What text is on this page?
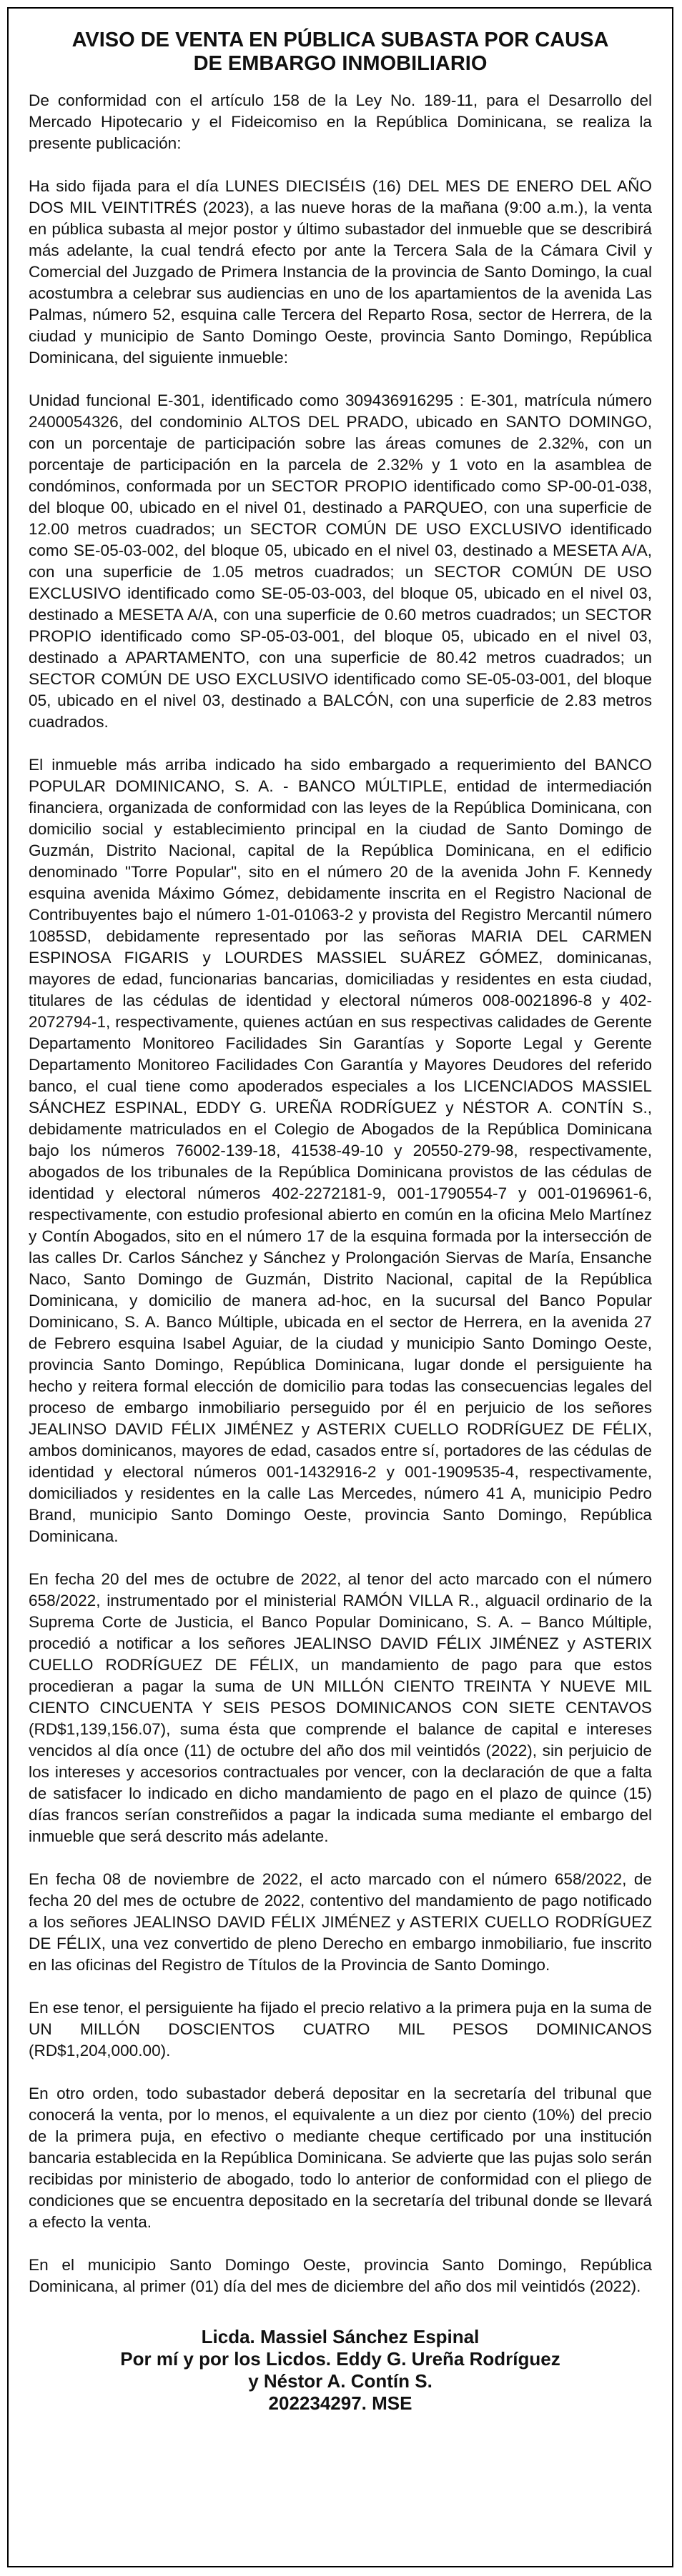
AVISO DE VENTA EN PÚBLICA SUBASTA POR CAUSA
DE EMBARGO INMOBILIARIO

De conformidad con el artículo 158 de la Ley No. 189-11, para el Desarrollo del Mercado Hipotecario y el Fideicomiso en la República Dominicana, se realiza la presente publicación:

Ha sido fijada para el día LUNES DIECISÉIS (16) DEL MES DE ENERO DEL AÑO DOS MIL VEINTITRÉS (2023), a las nueve horas de la mañana (9:00 a.m.), la venta en pública subasta al mejor postor y último subastador del inmueble que se describirá más adelante, la cual tendrá efecto por ante la Tercera Sala de la Cámara Civil y Comercial del Juzgado de Primera Instancia de la provincia de Santo Domingo, la cual acostumbra a celebrar sus audiencias en uno de los apartamientos de la avenida Las Palmas, número 52, esquina calle Tercera del Reparto Rosa, sector de Herrera, de la ciudad y municipio de Santo Domingo Oeste, provincia Santo Domingo, República Dominicana, del siguiente inmueble:

Unidad funcional E-301, identificado como 309436916295 : E-301, matrícula número 2400054326, del condominio ALTOS DEL PRADO, ubicado en SANTO DOMINGO, con un porcentaje de participación sobre las áreas comunes de 2.32%, con un porcentaje de participación en la parcela de 2.32% y 1 voto en la asamblea de condóminos, conformada por un SECTOR PROPIO identificado como SP-00-01-038, del bloque 00, ubicado en el nivel 01, destinado a PARQUEO, con una superficie de 12.00 metros cuadrados; un SECTOR COMÚN DE USO EXCLUSIVO identificado como SE-05-03-002, del bloque 05, ubicado en el nivel 03, destinado a MESETA A/A, con una superficie de 1.05 metros cuadrados; un SECTOR COMÚN DE USO EXCLUSIVO identificado como SE-05-03-003, del bloque 05, ubicado en el nivel 03, destinado a MESETA A/A, con una superficie de 0.60 metros cuadrados; un SECTOR PROPIO identificado como SP-05-03-001, del bloque 05, ubicado en el nivel 03, destinado a APARTAMENTO, con una superficie de 80.42 metros cuadrados; un SECTOR COMÚN DE USO EXCLUSIVO identificado como SE-05-03-001, del bloque 05, ubicado en el nivel 03, destinado a BALCÓN, con una superficie de 2.83 metros cuadrados.

El inmueble más arriba indicado ha sido embargado a requerimiento del BANCO POPULAR DOMINICANO, S. A. - BANCO MÚLTIPLE, entidad de intermediación financiera, organizada de conformidad con las leyes de la República Dominicana, con domicilio social y establecimiento principal en la ciudad de Santo Domingo de Guzmán, Distrito Nacional, capital de la República Dominicana, en el edificio denominado "Torre Popular", sito en el número 20 de la avenida John F. Kennedy esquina avenida Máximo Gómez, debidamente inscrita en el Registro Nacional de Contribuyentes bajo el número 1-01-01063-2 y provista del Registro Mercantil número 1085SD, debidamente representado por las señoras MARIA DEL CARMEN ESPINOSA FIGARIS y LOURDES MASSIEL SUÁREZ GÓMEZ, dominicanas, mayores de edad, funcionarias bancarias, domiciliadas y residentes en esta ciudad, titulares de las cédulas de identidad y electoral números 008-0021896-8 y 402-2072794-1, respectivamente, quienes actúan en sus respectivas calidades de Gerente Departamento Monitoreo Facilidades Sin Garantías y Soporte Legal y Gerente Departamento Monitoreo Facilidades Con Garantía y Mayores Deudores del referido banco, el cual tiene como apoderados especiales a los LICENCIADOS MASSIEL SÁNCHEZ ESPINAL, EDDY G. UREÑA RODRÍGUEZ y NÉSTOR A. CONTÍN S., debidamente matriculados en el Colegio de Abogados de la República Dominicana bajo los números 76002-139-18, 41538-49-10 y 20550-279-98, respectivamente, abogados de los tribunales de la República Dominicana provistos de las cédulas de identidad y electoral números 402-2272181-9, 001-1790554-7 y 001-0196961-6, respectivamente, con estudio profesional abierto en común en la oficina Melo Martínez y Contín Abogados, sito en el número 17 de la esquina formada por la intersección de las calles Dr. Carlos Sánchez y Sánchez y Prolongación Siervas de María, Ensanche Naco, Santo Domingo de Guzmán, Distrito Nacional, capital de la República Dominicana, y domicilio de manera ad-hoc, en la sucursal del Banco Popular Dominicano, S. A. Banco Múltiple, ubicada en el sector de Herrera, en la avenida 27 de Febrero esquina Isabel Aguiar, de la ciudad y municipio Santo Domingo Oeste, provincia Santo Domingo, República Dominicana, lugar donde el persiguiente ha hecho y reitera formal elección de domicilio para todas las consecuencias legales del proceso de embargo inmobiliario perseguido por él en perjuicio de los señores JEALINSO DAVID FÉLIX JIMÉNEZ y ASTERIX CUELLO RODRÍGUEZ DE FÉLIX, ambos dominicanos, mayores de edad, casados entre sí, portadores de las cédulas de identidad y electoral números 001-1432916-2 y 001-1909535-4, respectivamente, domiciliados y residentes en la calle Las Mercedes, número 41 A, municipio Pedro Brand, municipio Santo Domingo Oeste, provincia Santo Domingo, República Dominicana.

En fecha 20 del mes de octubre de 2022, al tenor del acto marcado con el número 658/2022, instrumentado por el ministerial RAMÓN VILLA R., alguacil ordinario de la Suprema Corte de Justicia, el Banco Popular Dominicano, S. A. – Banco Múltiple, procedió a notificar a los señores JEALINSO DAVID FÉLIX JIMÉNEZ y ASTERIX CUELLO RODRÍGUEZ DE FÉLIX, un mandamiento de pago para que estos procedieran a pagar la suma de UN MILLÓN CIENTO TREINTA Y NUEVE MIL CIENTO CINCUENTA Y SEIS PESOS DOMINICANOS CON SIETE CENTAVOS (RD$1,139,156.07), suma ésta que comprende el balance de capital e intereses vencidos al día once (11) de octubre del año dos mil veintidós (2022), sin perjuicio de los intereses y accesorios contractuales por vencer, con la declaración de que a falta de satisfacer lo indicado en dicho mandamiento de pago en el plazo de quince (15) días francos serían constreñidos a pagar la indicada suma mediante el embargo del inmueble que será descrito más adelante.

En fecha 08 de noviembre de 2022, el acto marcado con el número 658/2022, de fecha 20 del mes de octubre de 2022, contentivo del mandamiento de pago notificado a los señores JEALINSO DAVID FÉLIX JIMÉNEZ y ASTERIX CUELLO RODRÍGUEZ DE FÉLIX, una vez convertido de pleno Derecho en embargo inmobiliario, fue inscrito en las oficinas del Registro de Títulos de la Provincia de Santo Domingo.

En ese tenor, el persiguiente ha fijado el precio relativo a la primera puja en la suma de UN MILLÓN DOSCIENTOS CUATRO MIL PESOS DOMINICANOS (RD$1,204,000.00).

En otro orden, todo subastador deberá depositar en la secretaría del tribunal que conocerá la venta, por lo menos, el equivalente a un diez por ciento (10%) del precio de la primera puja, en efectivo o mediante cheque certificado por una institución bancaria establecida en la República Dominicana. Se advierte que las pujas solo serán recibidas por ministerio de abogado, todo lo anterior de conformidad con el pliego de condiciones que se encuentra depositado en la secretaría del tribunal donde se llevará a efecto la venta.

En el municipio Santo Domingo Oeste, provincia Santo Domingo, República Dominicana, al primer (01) día del mes de diciembre del año dos mil veintidós (2022).

Licda. Massiel Sánchez Espinal
Por mí y por los Licdos. Eddy G. Ureña Rodríguez
y Néstor A. Contín S.
202234297. MSE
